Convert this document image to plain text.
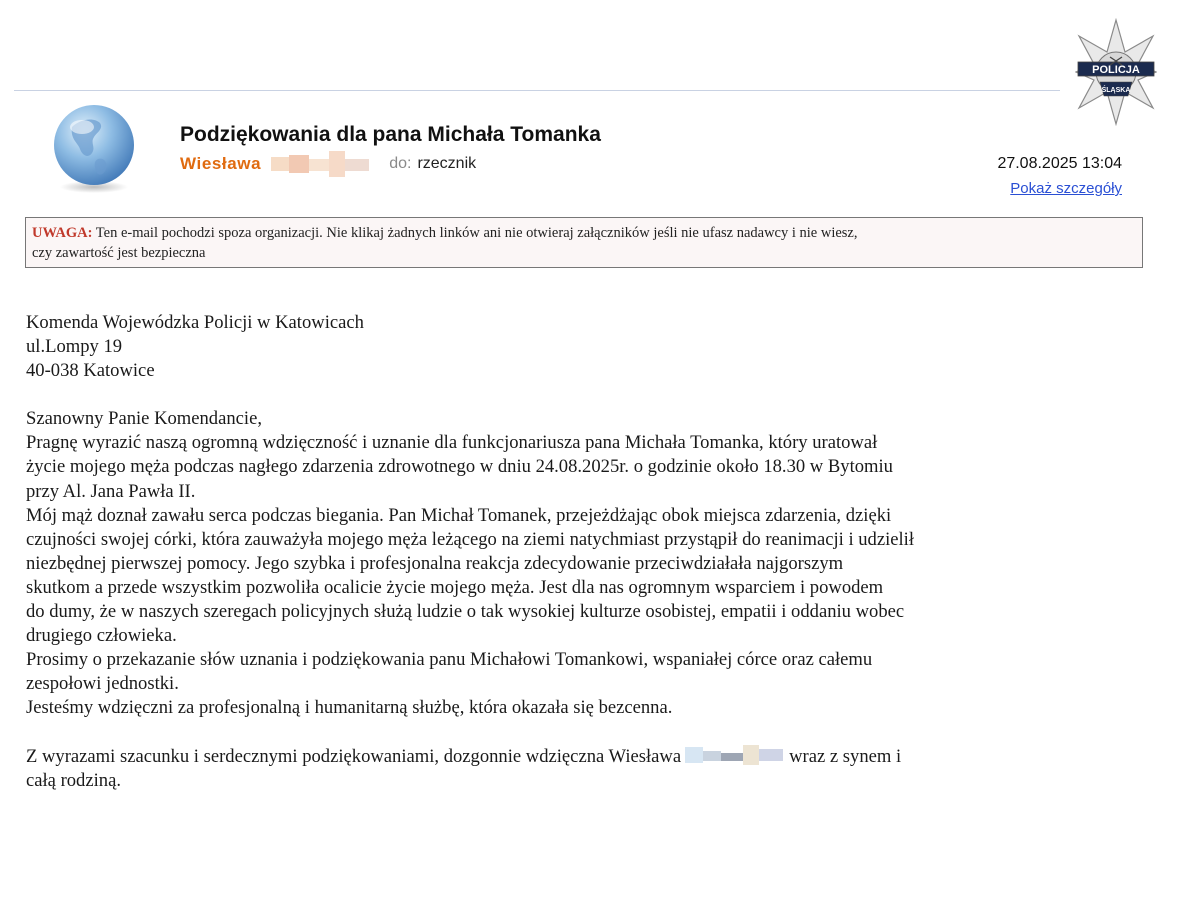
POLICJA
ŚLĄSKA
Podziękowania dla pana Michała Tomanka
Wiesława	do: rzecznik	27.08.2025 13:04
Pokaż szczegóły
UWAGA: Ten e-mail pochodzi spoza organizacji. Nie klikaj żadnych linków ani nie otwieraj załączników jeśli nie ufasz nadawcy i nie wiesz,
czy zawartość jest bezpieczna

Komenda Wojewódzka Policji w Katowicach

ul.Lompy 19

40-038 Katowice

Szanowny Panie Komendancie,

Pragnę wyrazić naszą ogromną wdzięczność i uznanie dla funkcjonariusza pana Michała Tomanka, który uratował

życie mojego męża podczas nagłego zdarzenia zdrowotnego w dniu 24.08.2025r. o godzinie około 18.30 w Bytomiu

przy Al. Jana Pawła II.

Mój mąż doznał zawału serca podczas biegania. Pan Michał Tomanek, przejeżdżając obok miejsca zdarzenia, dzięki

czujności swojej córki, która zauważyła mojego męża leżącego na ziemi natychmiast przystąpił do reanimacji i udzielił

niezbędnej pierwszej pomocy. Jego szybka i profesjonalna reakcja zdecydowanie przeciwdziałała najgorszym

skutkom a przede wszystkim pozwoliła ocalicie życie mojego męża. Jest dla nas ogromnym wsparciem i powodem

do dumy, że w naszych szeregach policyjnych służą ludzie o tak wysokiej kulturze osobistej, empatii i oddaniu wobec

drugiego człowieka.

Prosimy o przekazanie słów uznania i podziękowania panu Michałowi Tomankowi, wspaniałej córce oraz całemu

zespołowi jednostki.

Jesteśmy wdzięczni za profesjonalną i humanitarną służbę, która okazała się bezcenna.

Z wyrazami szacunku i serdecznymi podziękowaniami, dozgonnie wdzięczna Wiesława	wraz z synem i

całą rodziną.
